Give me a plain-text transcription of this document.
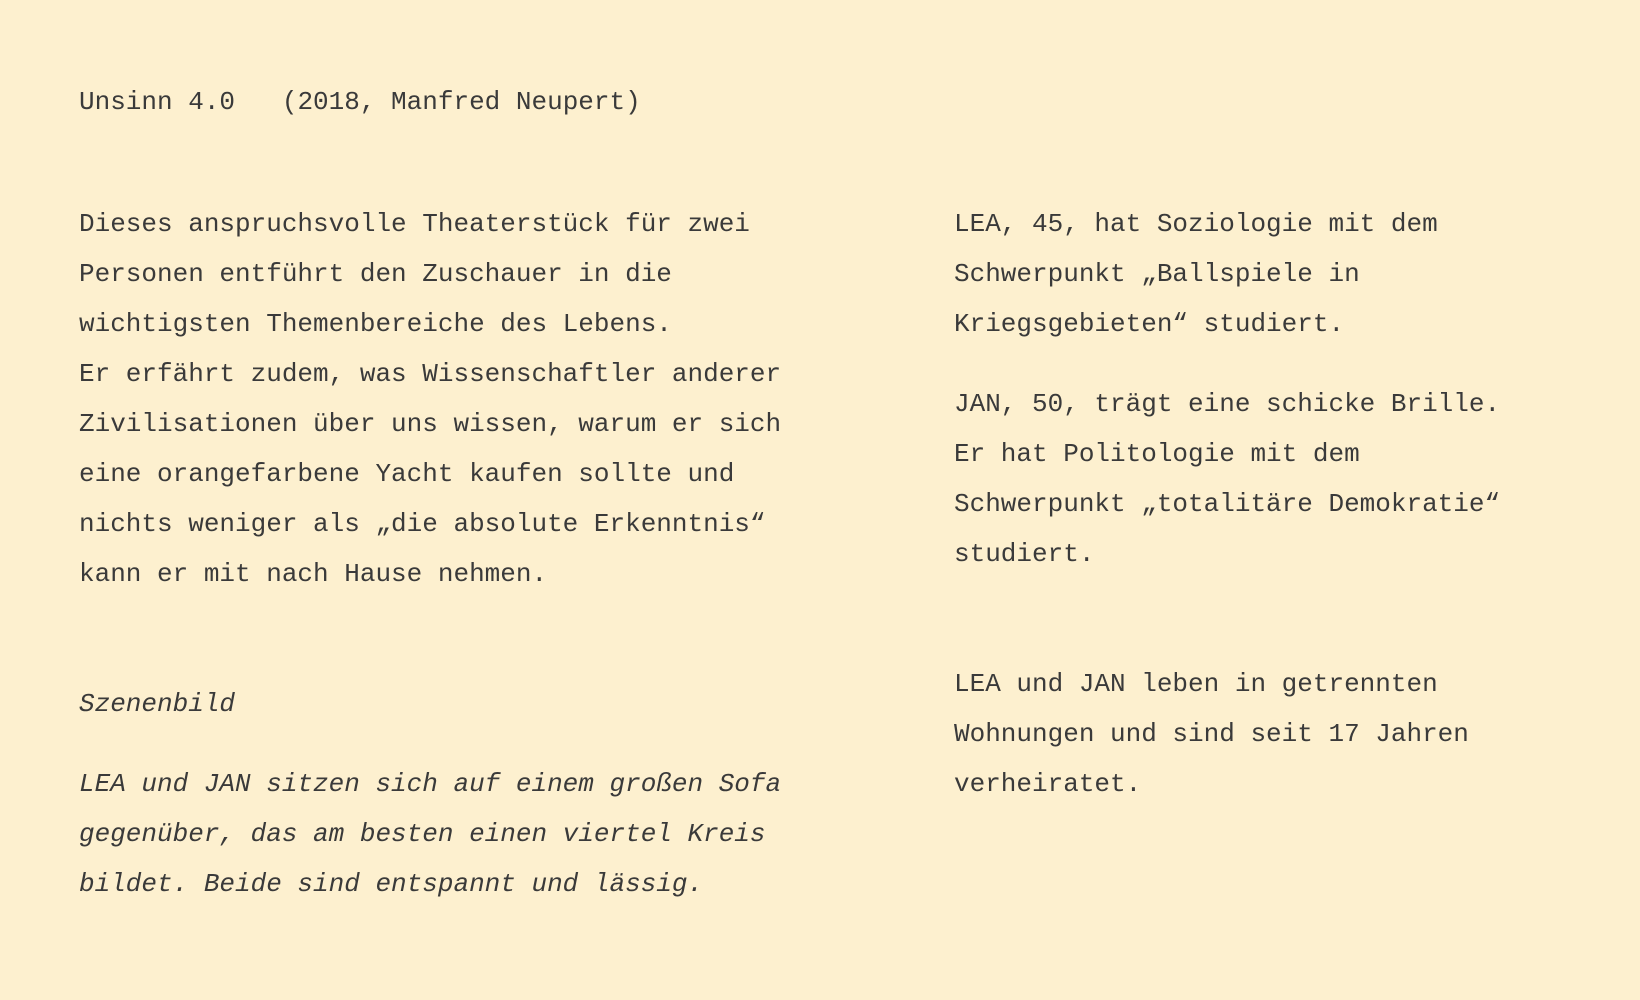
Unsinn 4.0 (2018, Manfred Neupert)
Dieses anspruchsvolle Theaterstück für zwei
Personen entführt den Zuschauer in die
wichtigsten Themenbereiche des Lebens.
Er erfährt zudem, was Wissenschaftler anderer
Zivilisationen über uns wissen, warum er sich
eine orangefarbene Yacht kaufen sollte und
nichts weniger als „die absolute Erkenntnis“
kann er mit nach Hause nehmen.
Szenenbild
LEA und JAN sitzen sich auf einem großen Sofa
gegenüber, das am besten einen viertel Kreis
bildet. Beide sind entspannt und lässig.
LEA, 45, hat Soziologie mit dem
Schwerpunkt „Ballspiele in
Kriegsgebieten“ studiert.
JAN, 50, trägt eine schicke Brille.
Er hat Politologie mit dem
Schwerpunkt „totalitäre Demokratie“
studiert.
LEA und JAN leben in getrennten
Wohnungen und sind seit 17 Jahren
verheiratet.
